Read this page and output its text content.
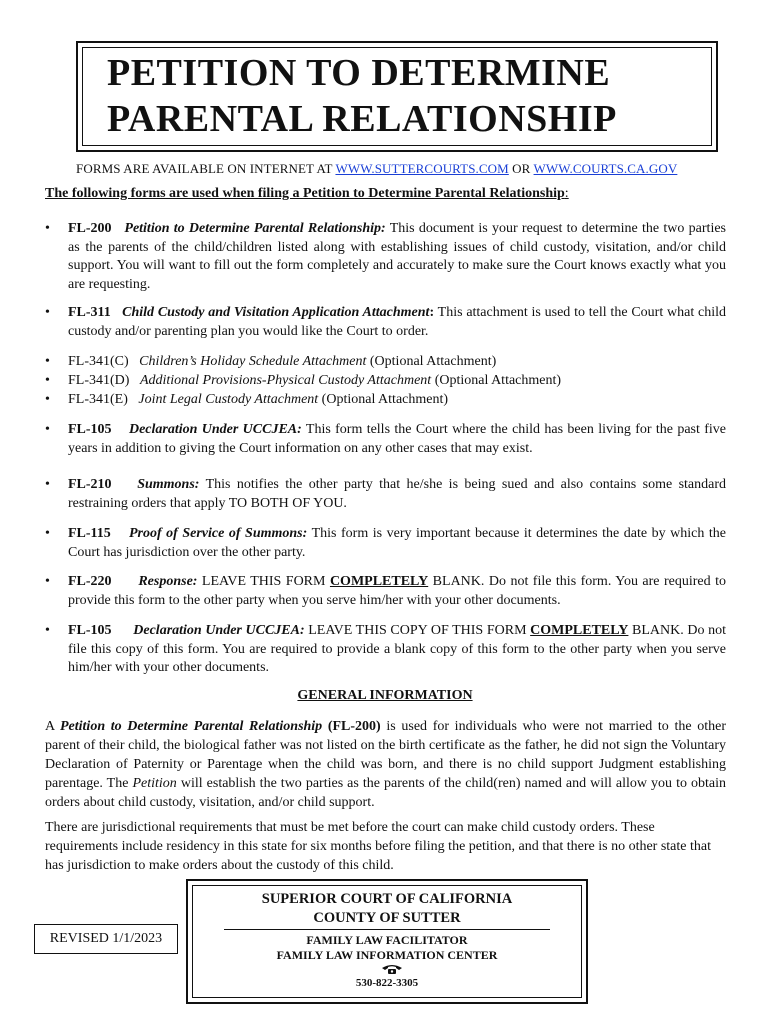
PETITION TO DETERMINE
PARENTAL RELATIONSHIP
FORMS ARE AVAILABLE ON INTERNET AT WWW.SUTTERCOURTS.COM OR WWW.COURTS.CA.GOV
The following forms are used when filing a Petition to Determine Parental Relationship:
•	FL-200 Petition to Determine Parental Relationship: This document is your request to determine the two parties as the parents of the child/children listed along with establishing issues of child custody, visitation, and/or child support. You will want to fill out the form completely and accurately to make sure the Court knows exactly what you are requesting.
•	FL-311 Child Custody and Visitation Application Attachment: This attachment is used to tell the Court what child custody and/or parenting plan you would like the Court to order.
•	FL-341(C) Children’s Holiday Schedule Attachment (Optional Attachment)
•	FL-341(D) Additional Provisions-Physical Custody Attachment (Optional Attachment)
•	FL-341(E) Joint Legal Custody Attachment (Optional Attachment)
•	FL-105 Declaration Under UCCJEA: This form tells the Court where the child has been living for the past five years in addition to giving the Court information on any other cases that may exist.
•	FL-210 Summons: This notifies the other party that he/she is being sued and also contains some standard restraining orders that apply TO BOTH OF YOU.
•	FL-115 Proof of Service of Summons: This form is very important because it determines the date by which the Court has jurisdiction over the other party.
•	FL-220 Response: LEAVE THIS FORM COMPLETELY BLANK. Do not file this form. You are required to provide this form to the other party when you serve him/her with your other documents.
•	FL-105 Declaration Under UCCJEA: LEAVE THIS COPY OF THIS FORM COMPLETELY BLANK. Do not file this copy of this form. You are required to provide a blank copy of this form to the other party when you serve him/her with your other documents.
GENERAL INFORMATION
A Petition to Determine Parental Relationship (FL-200) is used for individuals who were not married to the other parent of their child, the biological father was not listed on the birth certificate as the father, he did not sign the Voluntary Declaration of Paternity or Parentage when the child was born, and there is no child support Judgment establishing parentage. The Petition will establish the two parties as the parents of the child(ren) named and will allow you to obtain orders about child custody, visitation, and/or child support.
There are jurisdictional requirements that must be met before the court can make child custody orders. These requirements include residency in this state for six months before filing the petition, and that there is no other state that has jurisdiction to make orders about the custody of this child.
REVISED 1/1/2023
SUPERIOR COURT OF CALIFORNIA
COUNTY OF SUTTER
FAMILY LAW FACILITATOR
FAMILY LAW INFORMATION CENTER
530-822-3305
